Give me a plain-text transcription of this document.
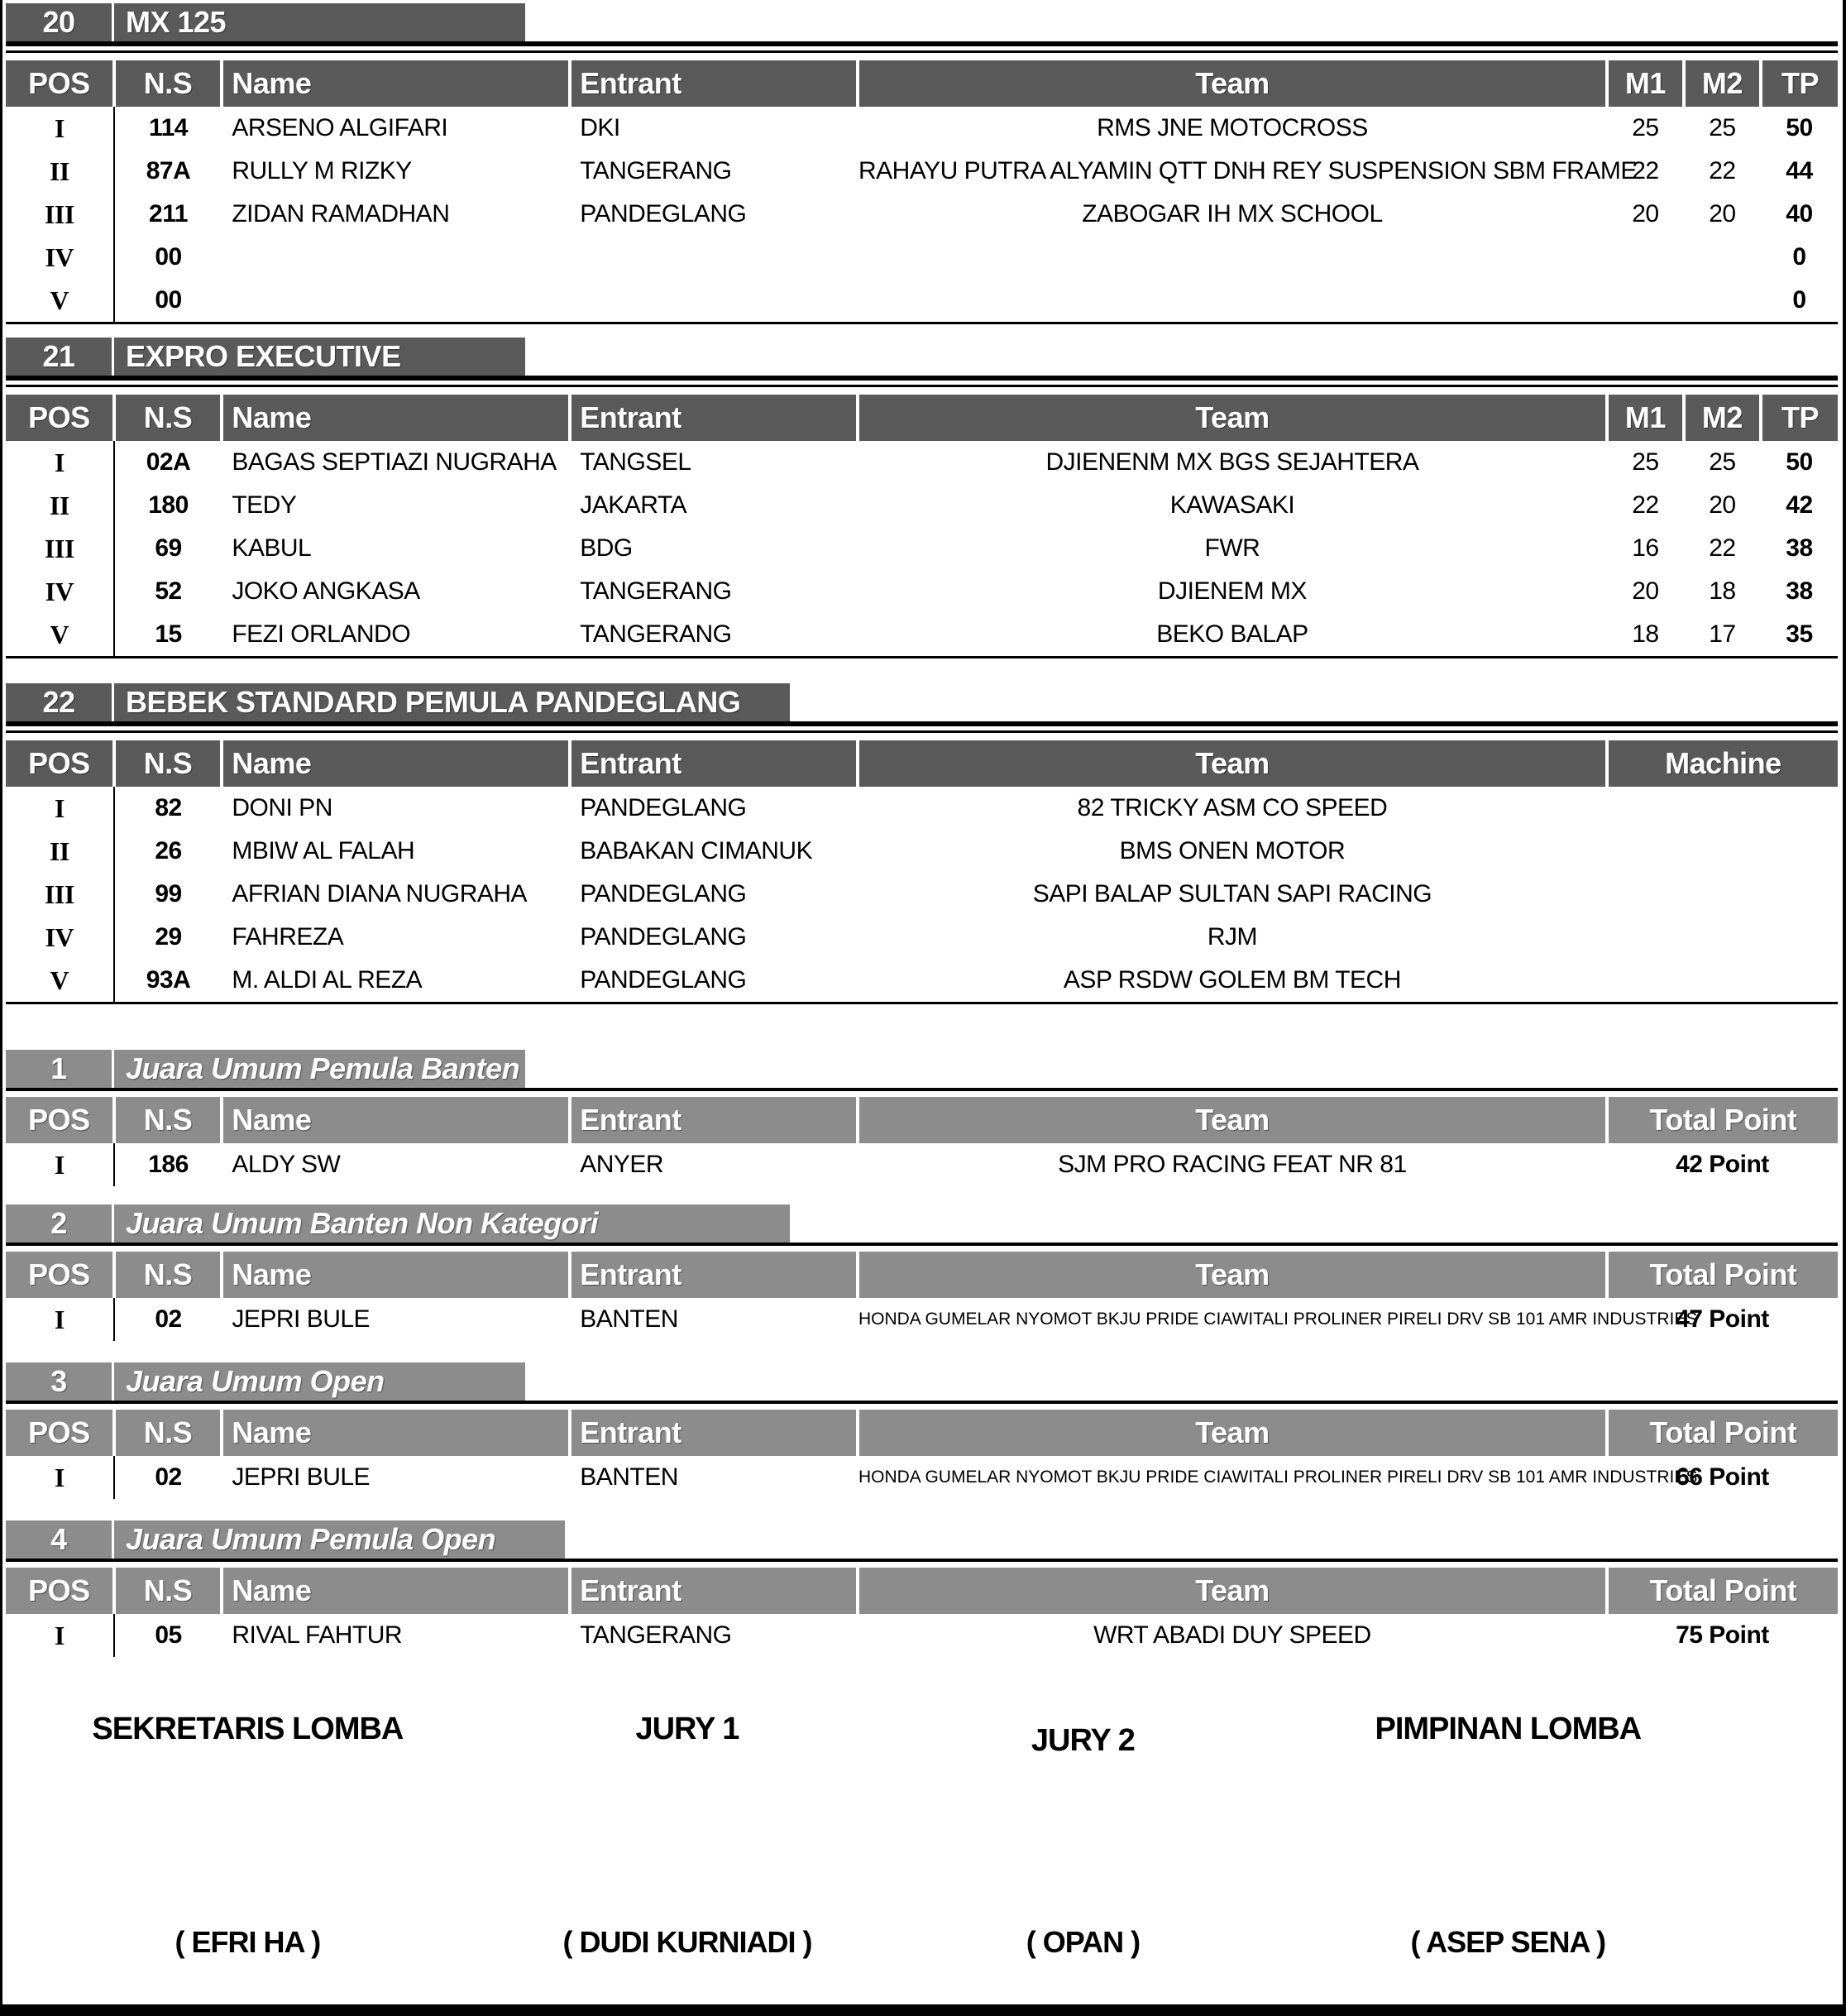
20	MX 125
POS	N.S	Name	Entrant	Team	M1	M2	TP
I	114	ARSENO ALGIFARI	DKI	RMS JNE MOTOCROSS	25	25	50
II	87A	RULLY M RIZKY	TANGERANG	RAHAYU PUTRA ALYAMIN QTT DNH REY SUSPENSION SBM FRAME	22	22	44
III	211	ZIDAN RAMADHAN	PANDEGLANG	ZABOGAR IH MX SCHOOL	20	20	40
IV	00						0
V	00						0
21	EXPRO EXECUTIVE
POS	N.S	Name	Entrant	Team	M1	M2	TP
I	02A	BAGAS SEPTIAZI NUGRAHA	TANGSEL	DJIENENM MX BGS SEJAHTERA	25	25	50
II	180	TEDY	JAKARTA	KAWASAKI	22	20	42
III	69	KABUL	BDG	FWR	16	22	38
IV	52	JOKO ANGKASA	TANGERANG	DJIENEM MX	20	18	38
V	15	FEZI ORLANDO	TANGERANG	BEKO BALAP	18	17	35
22	BEBEK STANDARD PEMULA PANDEGLANG
POS	N.S	Name	Entrant	Team	Machine
I	82	DONI PN	PANDEGLANG	82 TRICKY ASM CO SPEED	
II	26	MBIW AL FALAH	BABAKAN CIMANUK	BMS ONEN MOTOR	
III	99	AFRIAN DIANA NUGRAHA	PANDEGLANG	SAPI BALAP SULTAN SAPI RACING	
IV	29	FAHREZA	PANDEGLANG	RJM	
V	93A	M. ALDI AL REZA	PANDEGLANG	ASP RSDW GOLEM BM TECH	
1	Juara Umum Pemula Banten
POS	N.S	Name	Entrant	Team	Total Point
I	186	ALDY SW	ANYER	SJM PRO RACING FEAT NR 81	42 Point
2	Juara Umum Banten Non Kategori
POS	N.S	Name	Entrant	Team	Total Point
I	02	JEPRI BULE	BANTEN	HONDA GUMELAR NYOMOT BKJU PRIDE CIAWITALI PROLINER PIRELI DRV SB 101 AMR INDUSTRIES	47 Point
3	Juara Umum Open
POS	N.S	Name	Entrant	Team	Total Point
I	02	JEPRI BULE	BANTEN	HONDA GUMELAR NYOMOT BKJU PRIDE CIAWITALI PROLINER PIRELI DRV SB 101 AMR INDUSTRIES	66 Point
4	Juara Umum Pemula Open
POS	N.S	Name	Entrant	Team	Total Point
I	05	RIVAL FAHTUR	TANGERANG	WRT ABADI DUY SPEED	75 Point
SEKRETARIS LOMBA	JURY 1	JURY 2	PIMPINAN LOMBA
( EFRI HA )	( DUDI KURNIADI )	( OPAN )	( ASEP SENA )
